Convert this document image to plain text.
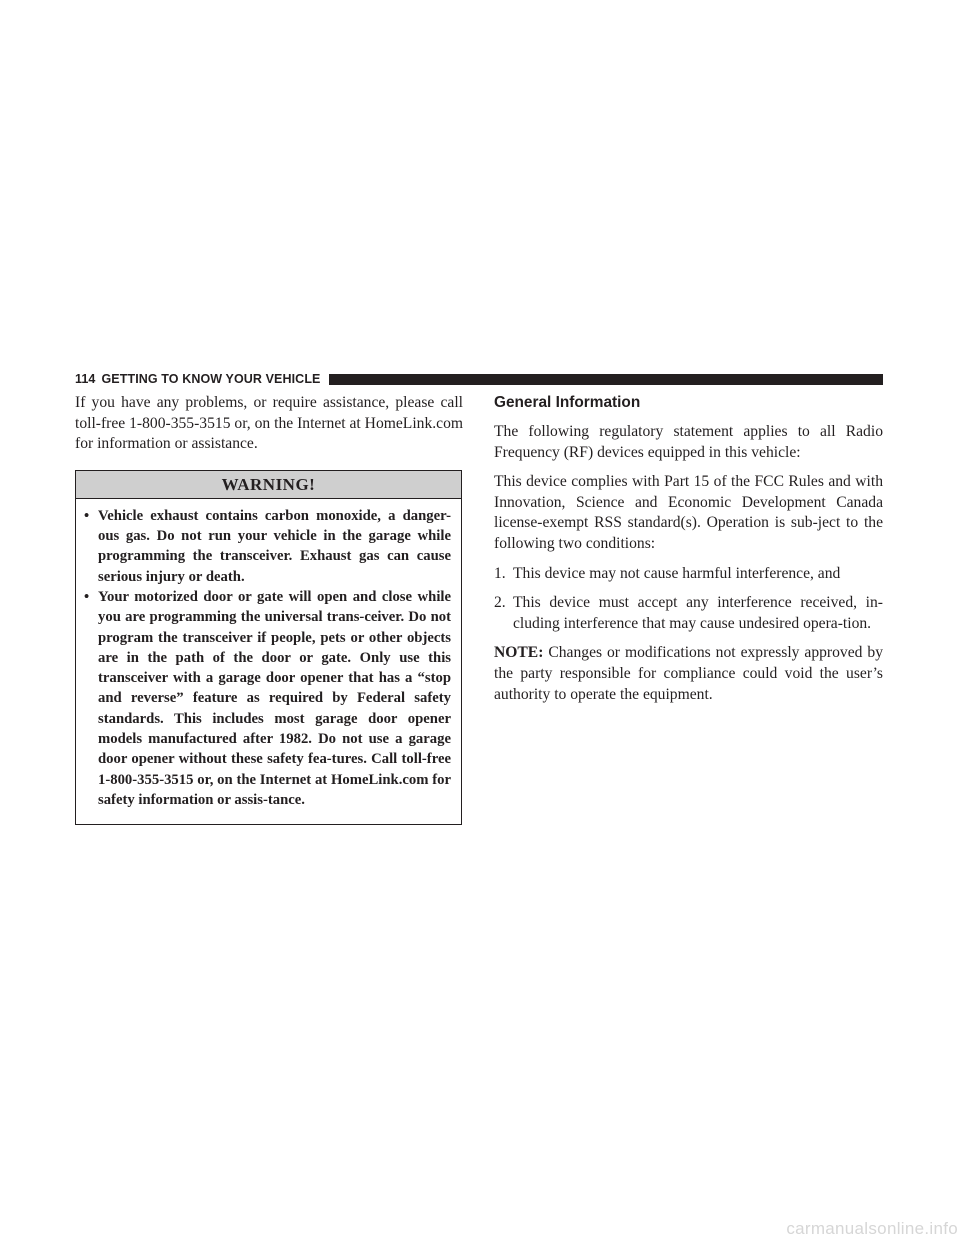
114 GETTING TO KNOW YOUR VEHICLE

If you have any problems, or require assistance, please call toll-free 1-800-355-3515 or, on the Internet at HomeLink.com for information or assistance.

WARNING!
• Vehicle exhaust contains carbon monoxide, a danger-ous gas. Do not run your vehicle in the garage while programming the transceiver. Exhaust gas can cause serious injury or death.
• Your motorized door or gate will open and close while you are programming the universal trans-ceiver. Do not program the transceiver if people, pets or other objects are in the path of the door or gate. Only use this transceiver with a garage door opener that has a “stop and reverse” feature as required by Federal safety standards. This includes most garage door opener models manufactured after 1982. Do not use a garage door opener without these safety fea-tures. Call toll-free 1-800-355-3515 or, on the Internet at HomeLink.com for safety information or assis-tance.
General Information

The following regulatory statement applies to all Radio Frequency (RF) devices equipped in this vehicle:

This device complies with Part 15 of the FCC Rules and with Innovation, Science and Economic Development Canada license-exempt RSS standard(s). Operation is sub-ject to the following two conditions:

1. This device may not cause harmful interference, and
2. This device must accept any interference received, in-cluding interference that may cause undesired opera-tion.

NOTE: Changes or modifications not expressly approved by the party responsible for compliance could void the user’s authority to operate the equipment.

carmanualsonline.info
